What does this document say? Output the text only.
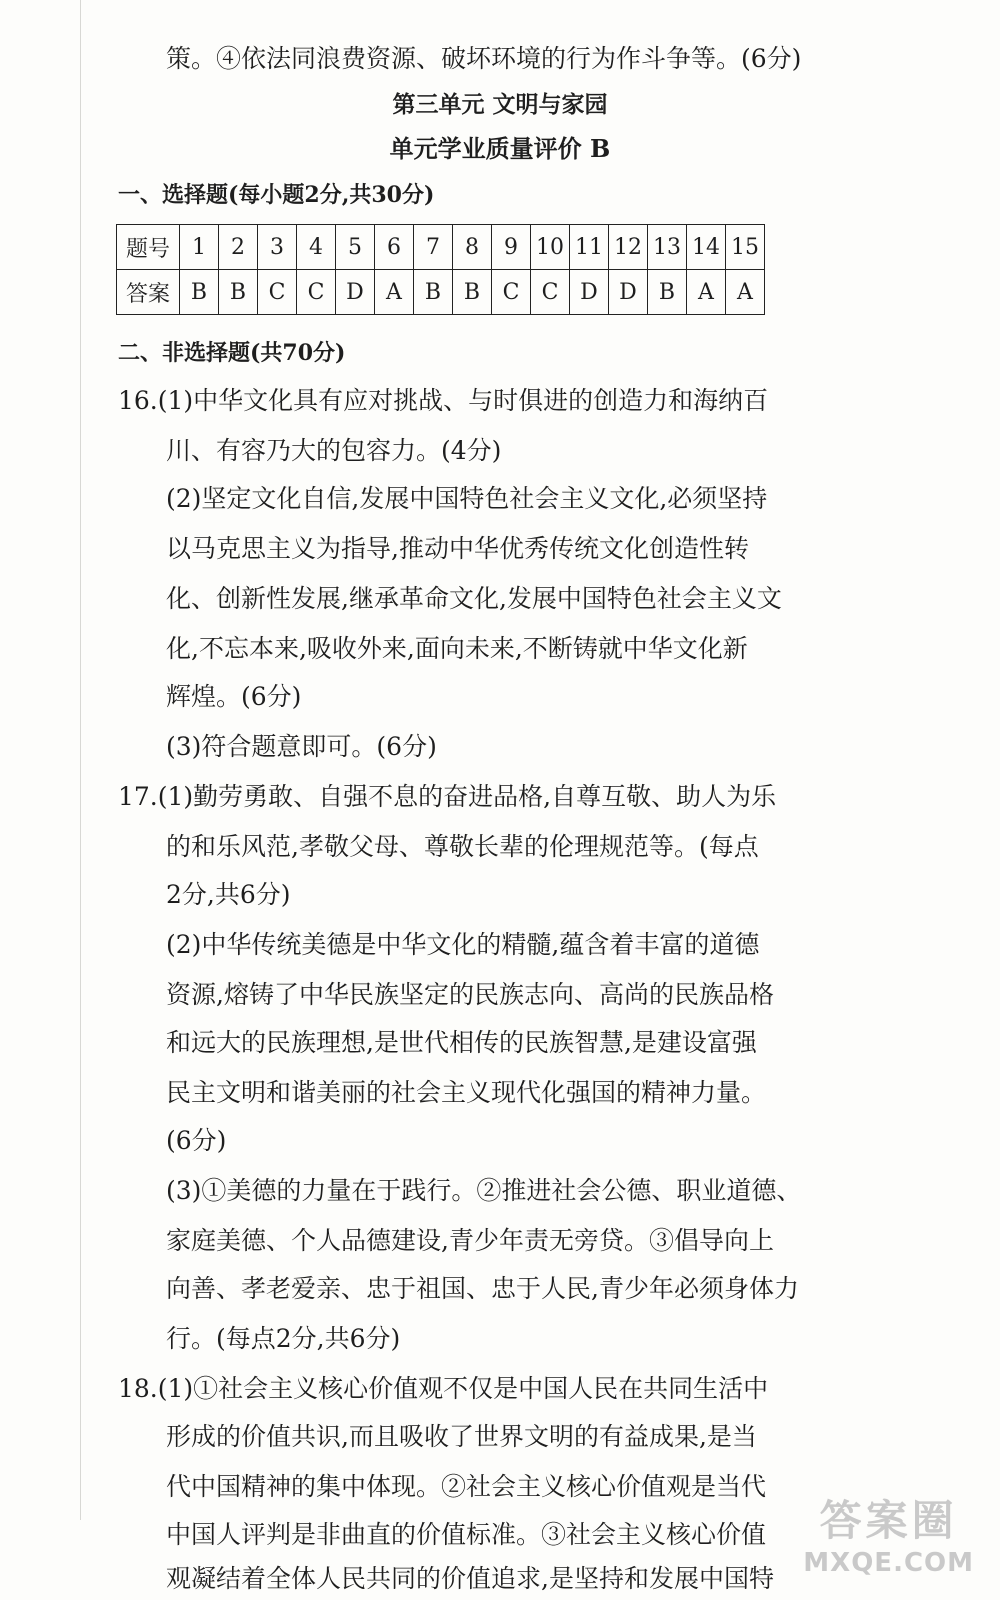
策。④依法同浪费资源、破坏环境的行为作斗争等。(6分)
第三单元 文明与家园
单元学业质量评价 B
一、选择题(每小题2分,共30分)
题号	1	2	3	4	5	6	7	8	9	10	11	12	13	14	15
答案	B	B	C	C	D	A	B	B	C	C	D	D	B	A	A
二、非选择题(共70分)
16.(1)中华文化具有应对挑战、与时俱进的创造力和海纳百
川、有容乃大的包容力。(4分)
(2)坚定文化自信,发展中国特色社会主义文化,必须坚持
以马克思主义为指导,推动中华优秀传统文化创造性转
化、创新性发展,继承革命文化,发展中国特色社会主义文
化,不忘本来,吸收外来,面向未来,不断铸就中华文化新
辉煌。(6分)
(3)符合题意即可。(6分)
17.(1)勤劳勇敢、自强不息的奋进品格,自尊互敬、助人为乐
的和乐风范,孝敬父母、尊敬长辈的伦理规范等。(每点
2分,共6分)
(2)中华传统美德是中华文化的精髓,蕴含着丰富的道德
资源,熔铸了中华民族坚定的民族志向、高尚的民族品格
和远大的民族理想,是世代相传的民族智慧,是建设富强
民主文明和谐美丽的社会主义现代化强国的精神力量。
(6分)
(3)①美德的力量在于践行。②推进社会公德、职业道德、
家庭美德、个人品德建设,青少年责无旁贷。③倡导向上
向善、孝老爱亲、忠于祖国、忠于人民,青少年必须身体力
行。(每点2分,共6分)
18.(1)①社会主义核心价值观不仅是中国人民在共同生活中
形成的价值共识,而且吸收了世界文明的有益成果,是当
代中国精神的集中体现。②社会主义核心价值观是当代
中国人评判是非曲直的价值标准。③社会主义核心价值
观凝结着全体人民共同的价值追求,是坚持和发展中国特
答案圈
MXQE.COM
